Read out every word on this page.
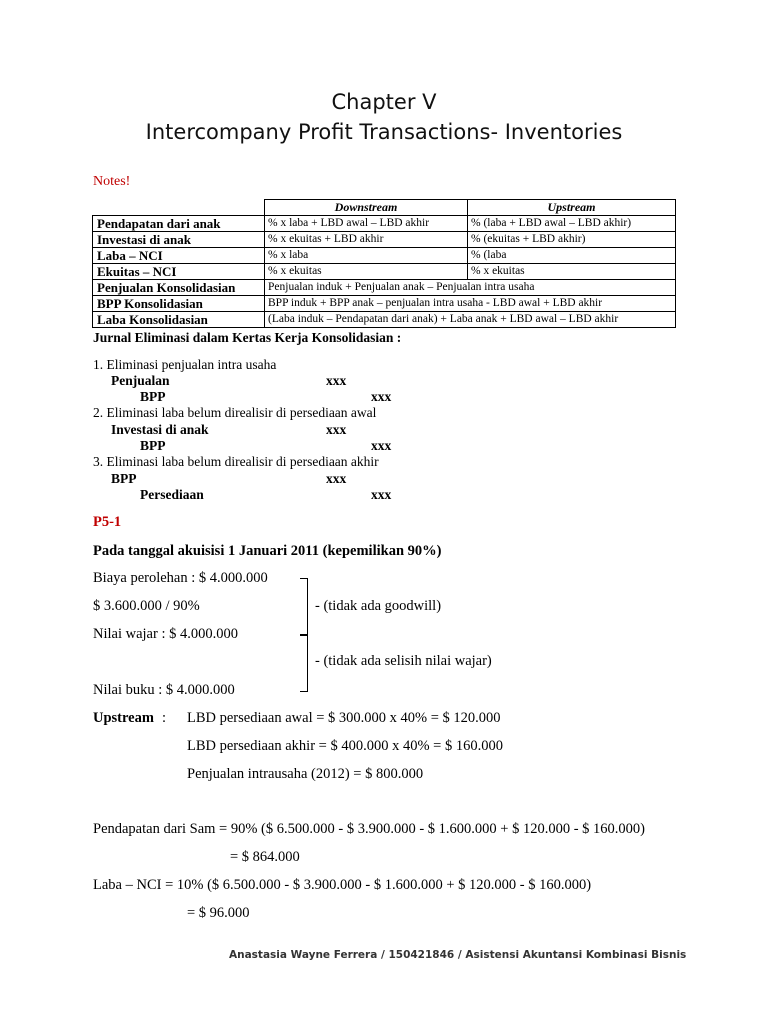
Chapter V
Intercompany Profit Transactions- Inventories
Notes!
	Downstream	Upstream
Pendapatan dari anak	% x laba + LBD awal – LBD akhir	% (laba + LBD awal – LBD akhir)
Investasi di anak	% x ekuitas + LBD akhir	% (ekuitas + LBD akhir)
Laba – NCI	% x laba	% (laba
Ekuitas – NCI	% x ekuitas	% x ekuitas
Penjualan Konsolidasian	Penjualan induk + Penjualan anak – Penjualan intra usaha	
BPP Konsolidasian	BPP induk + BPP anak – penjualan intra usaha - LBD awal + LBD akhir	
Laba Konsolidasian	(Laba induk – Pendapatan dari anak) + Laba anak + LBD awal – LBD akhir	
Jurnal Eliminasi dalam Kertas Kerja Konsolidasian :
1. Eliminasi penjualan intra usaha
Penjualan	xxx
BPP	xxx
2. Eliminasi laba belum direalisir di persediaan awal
Investasi di anak	xxx
BPP	xxx
3. Eliminasi laba belum direalisir di persediaan akhir
BPP	xxx
Persediaan	xxx
P5-1
Pada tanggal akuisisi 1 Januari 2011 (kepemilikan 90%)
Biaya perolehan : $ 4.000.000
$ 3.600.000 / 90%
Nilai wajar : $ 4.000.000
Nilai buku : $ 4.000.000
- (tidak ada goodwill)
- (tidak ada selisih nilai wajar)
Upstream : LBD persediaan awal = $ 300.000 x 40% = $ 120.000
LBD persediaan akhir = $ 400.000 x 40% = $ 160.000
Penjualan intrausaha (2012) = $ 800.000
Pendapatan dari Sam = 90% ($ 6.500.000 - $ 3.900.000 - $ 1.600.000 + $ 120.000 - $ 160.000)
= $ 864.000
Laba – NCI = 10% ($ 6.500.000 - $ 3.900.000 - $ 1.600.000 + $ 120.000 - $ 160.000)
= $ 96.000
Anastasia Wayne Ferrera / 150421846 / Asistensi Akuntansi Kombinasi Bisnis
